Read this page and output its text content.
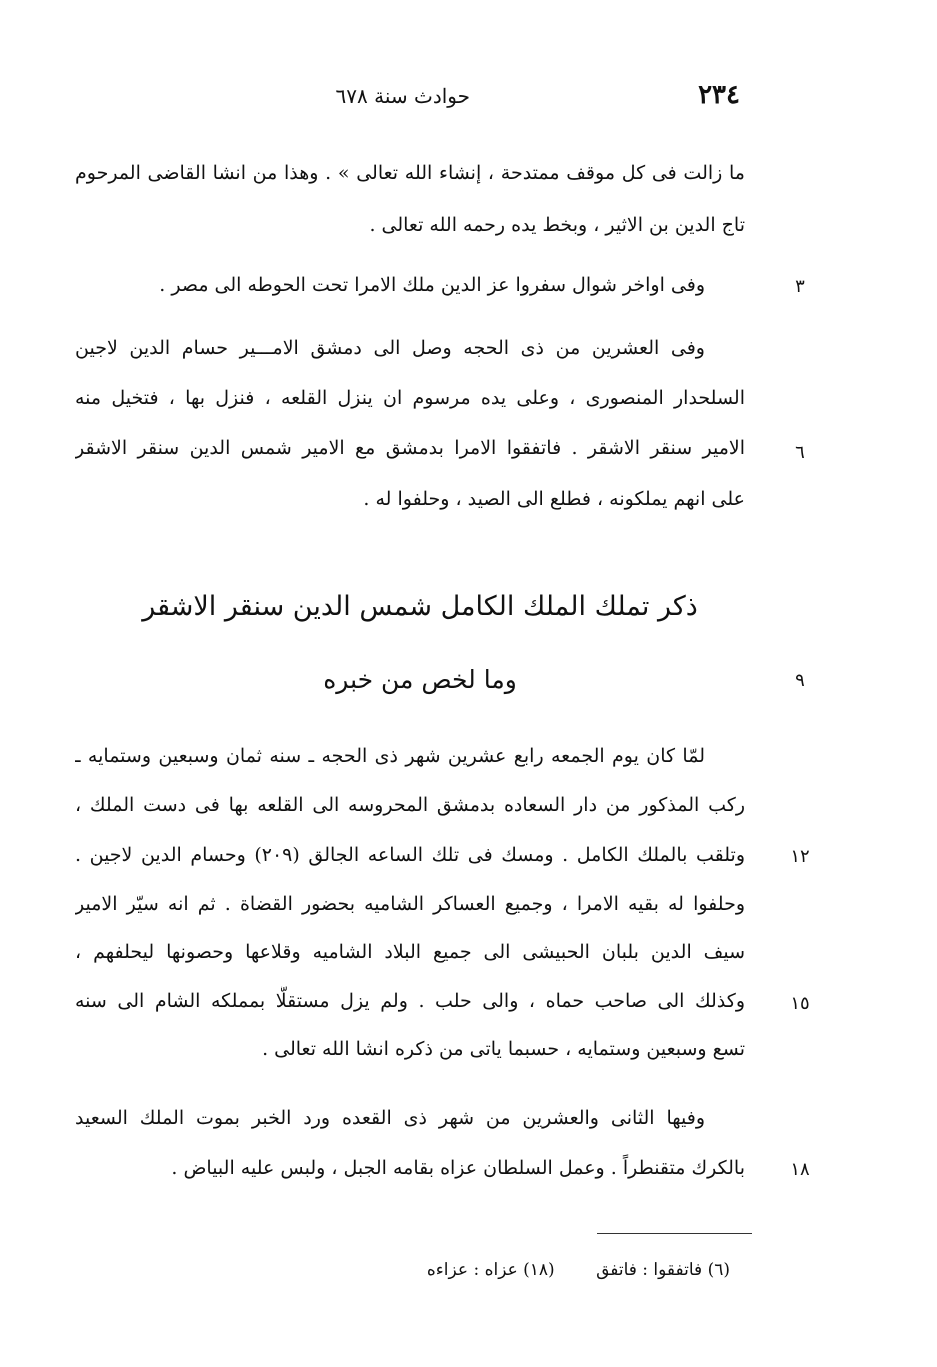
٢٣٤
حوادث سنة ٦٧٨
ما زالت فى كل موقف ممتدحة ، إنشاء الله تعالى » . وهذا من انشا القاضى المرحوم
تاج الدين بن الاثير ، وبخط يده رحمه الله تعالى .
وفى اواخر شوال سفروا عز الدين ملك الامرا تحت الحوطه الى مصر .	٣
وفى العشرين من ذى الحجه وصل الى دمشق الامـــير حسام الدين لاجين
السلحدار المنصورى ، وعلى يده مرسوم ان ينزل القلعه ، فنزل بها ، فتخيل منه
الامير سنقر الاشقر . فاتفقوا الامرا بدمشق مع الامير شمس الدين سنقر الاشقر	٦
على انهم يملكونه ، فطلع الى الصيد ، وحلفوا له .
ذكر تملك الملك الكامل شمس الدين سنقر الاشقر
وما لخص من خبره	٩
لمّا كان يوم الجمعه رابع عشرين شهر ذى الحجه ـ سنه ثمان وسبعين وستمايه ـ
ركب المذكور من دار السعاده بدمشق المحروسه الى القلعه بها فى دست الملك ،
وتلقب بالملك الكامل . ومسك فى تلك الساعه الجالق (٢٠٩) وحسام الدين لاجين .	١٢
وحلفوا له بقيه الامرا ، وجميع العساكر الشاميه بحضور القضاة . ثم انه سيّر الامير
سيف الدين بلبان الحبيشى الى جميع البلاد الشاميه وقلاعها وحصونها ليحلفهم ،
وكذلك الى صاحب حماه ، والى حلب . ولم يزل مستقلًّا بمملكه الشام الى سنه	١٥
تسع وسبعين وستمايه ، حسبما ياتى من ذكره انشا الله تعالى .
وفيها الثانى والعشرين من شهر ذى القعده ورد الخبر بموت الملك السعيد
بالكرك متقنطراً . وعمل السلطان عزاه بقامه الجبل ، ولبس عليه البياض .	١٨
(٦) فاتفقوا : فاتفق (١٨) عزاه : عزاءه
